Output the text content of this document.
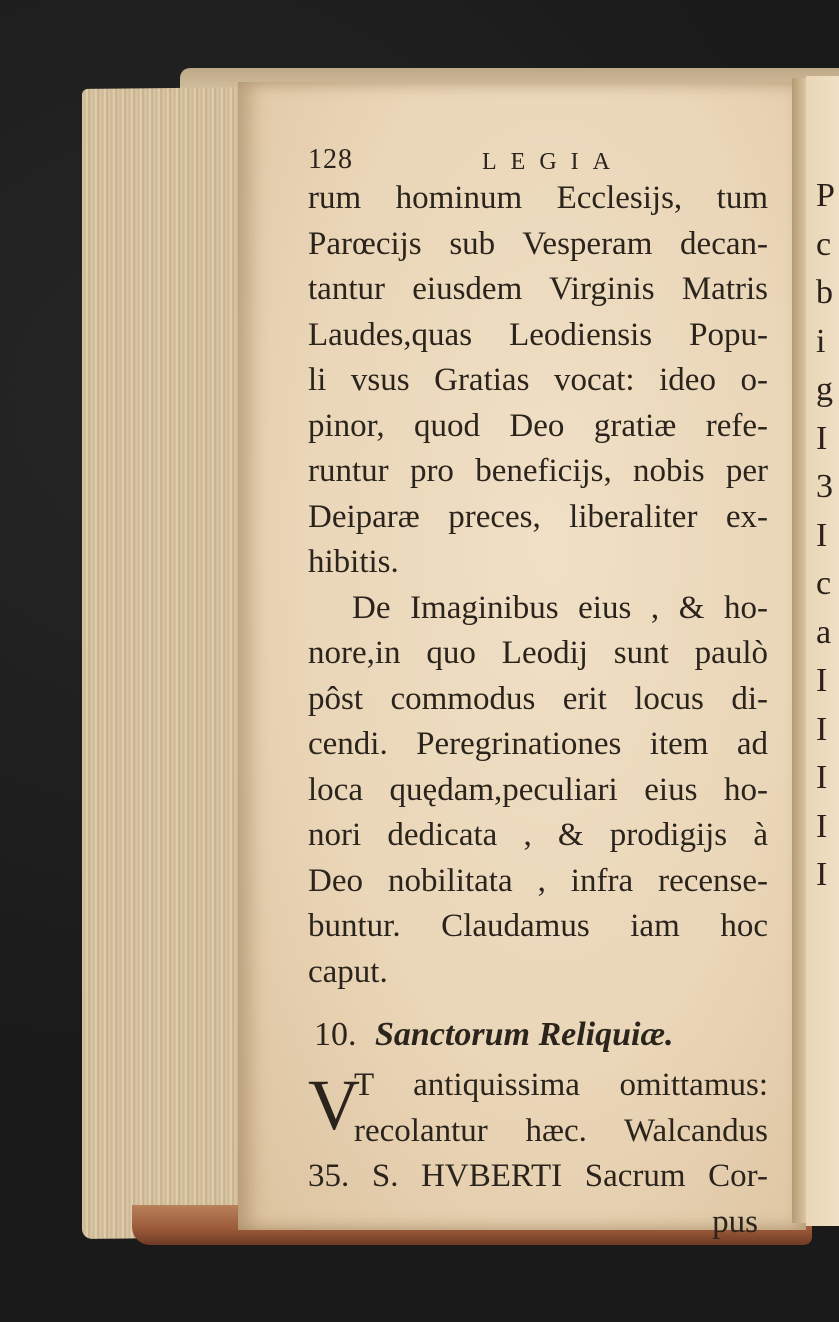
P
c
b
i
g
I
3
I
c
a
I
I
I
I
I
128	LEGIA
rum hominum Ecclesijs, tum
Parœcijs sub Vesperam decan-
tantur eiusdem Virginis Matris
Laudes,quas Leodiensis Popu-
li vsus Gratias vocat: ideo o-
pinor, quod Deo gratiæ refe-
runtur pro beneficijs, nobis per
Deiparæ preces, liberaliter ex-
hibitis.
De Imaginibus eius , & ho-
nore,in quo Leodij sunt paulò
pôst commodus erit locus di-
cendi. Peregrinationes item ad
loca quędam,peculiari eius ho-
nori dedicata , & prodigijs à
Deo nobilitata , infra recense-
buntur. Claudamus iam hoc
caput.
10. Sanctorum Reliquiæ.
V
T antiquissima omittamus:
recolantur hæc. Walcandus
35. S. HVBERTI Sacrum Cor-
pus
